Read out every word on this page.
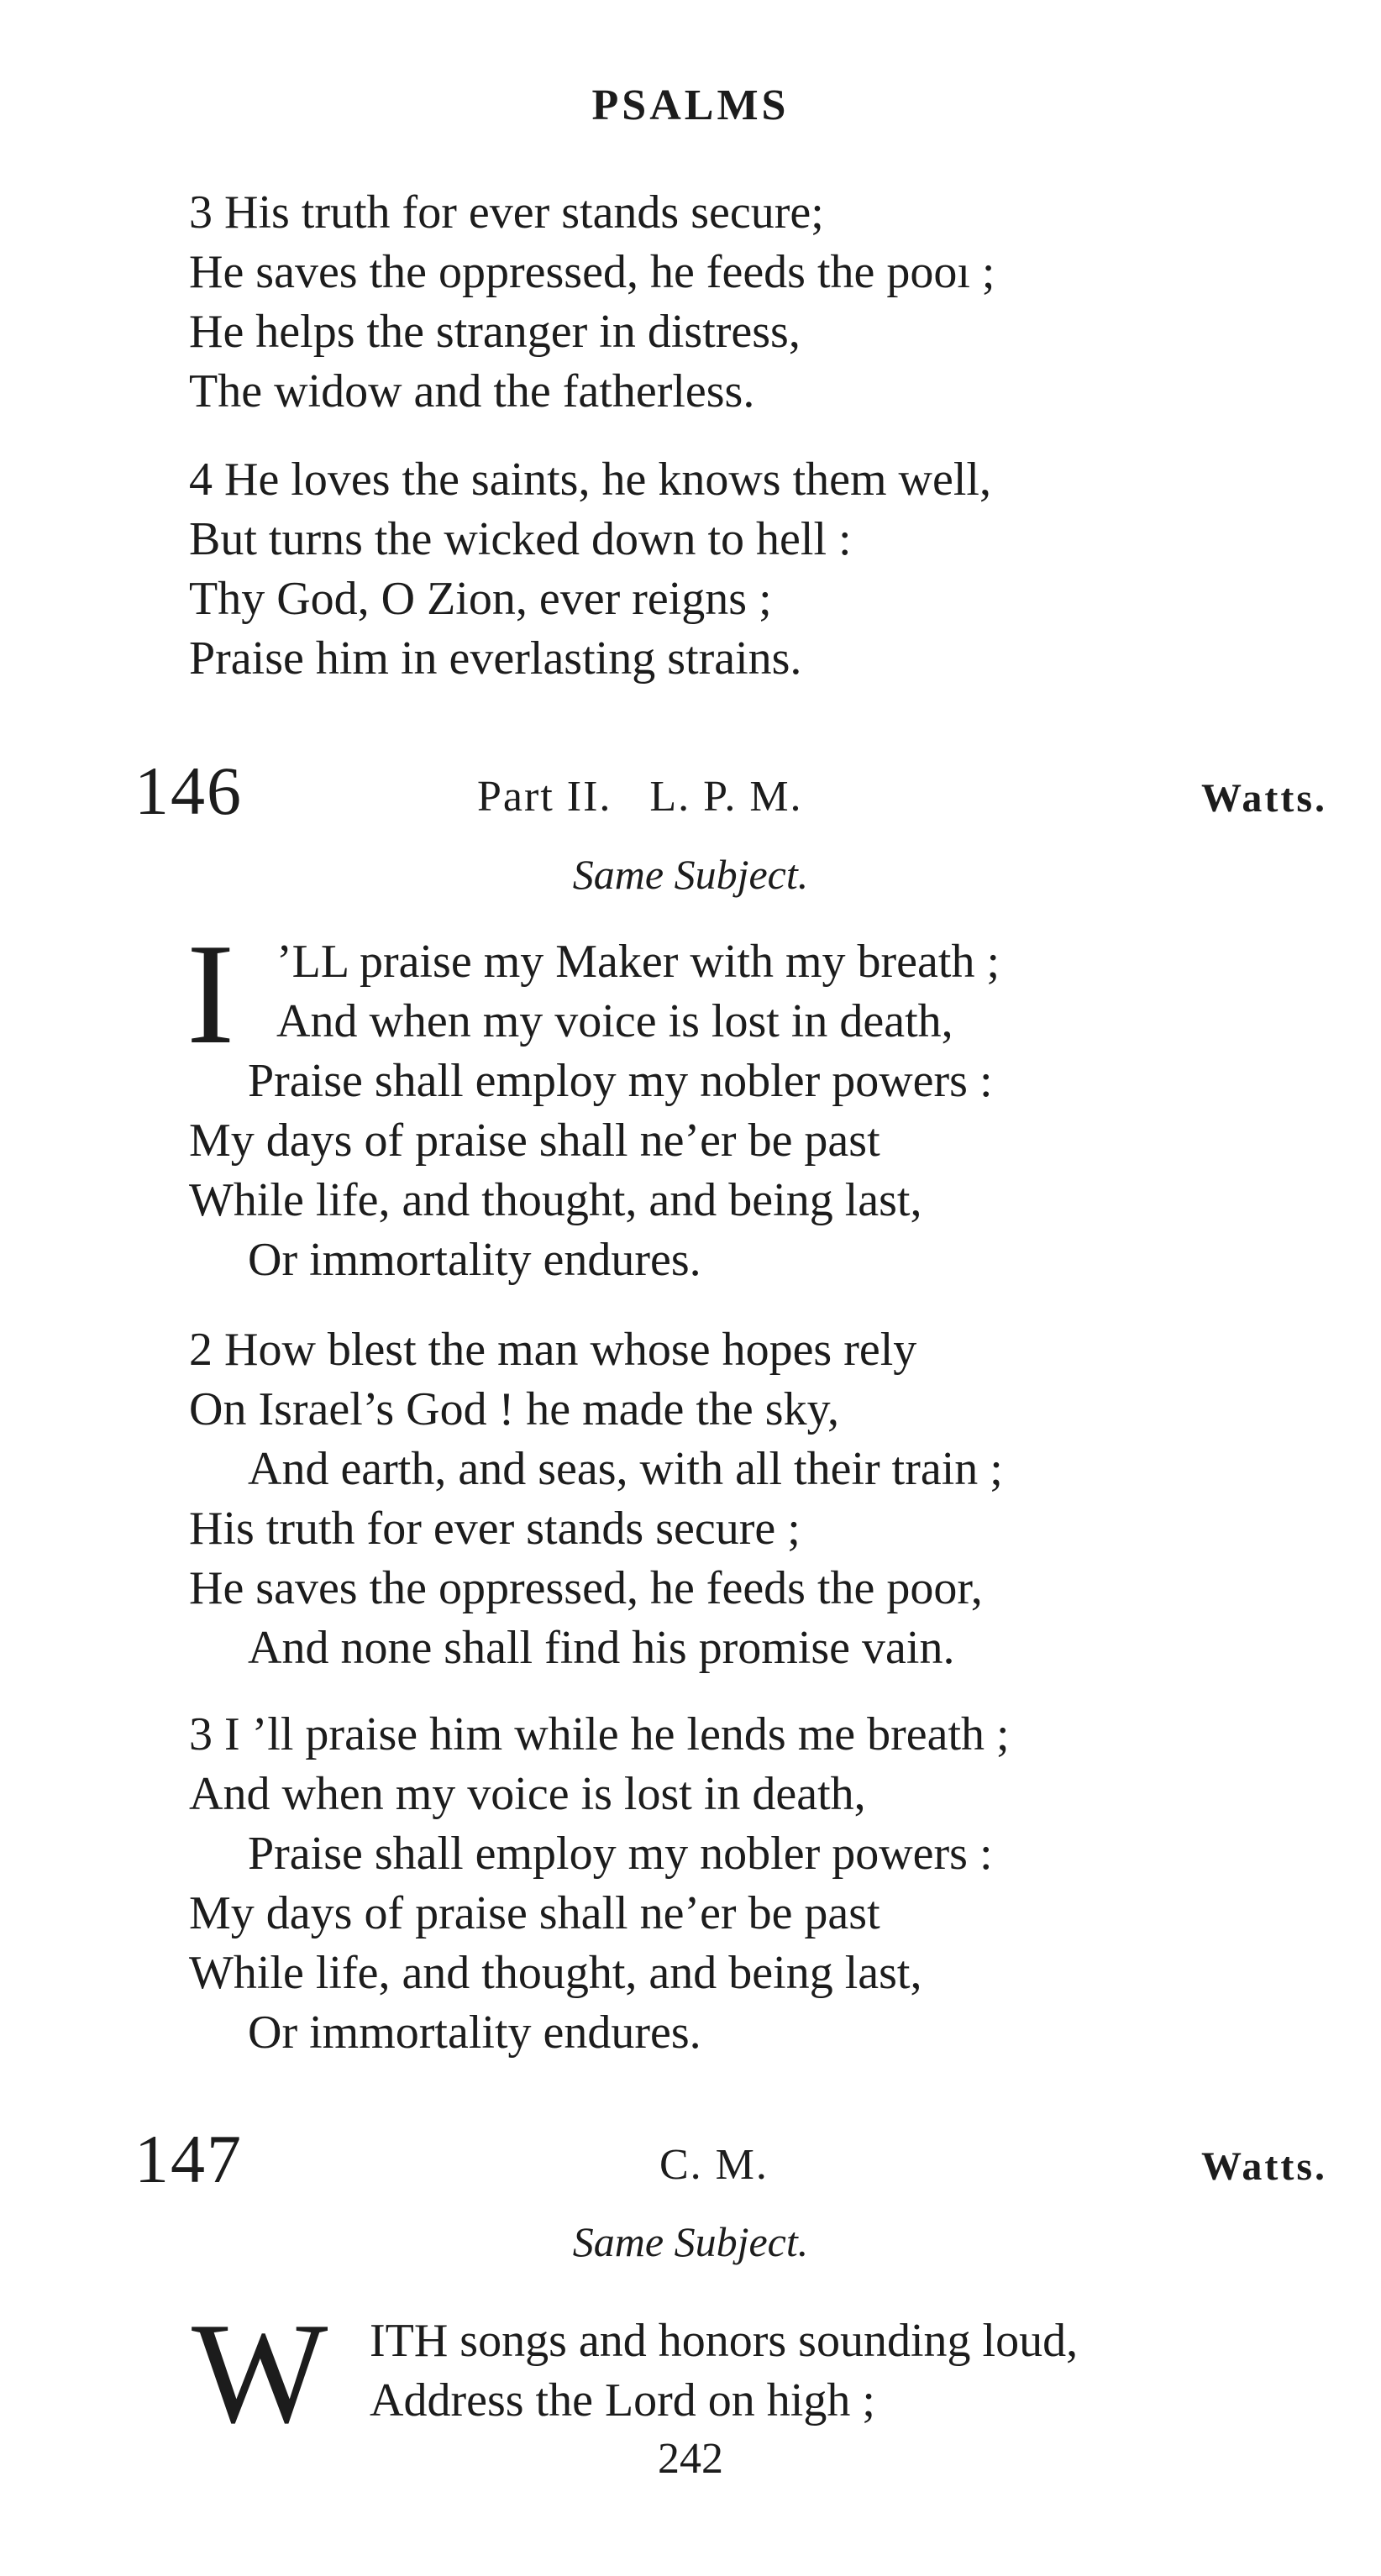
PSALMS
3 His truth for ever stands secure;
He saves the oppressed, he feeds the pooı ;
He helps the stranger in distress,
The widow and the fatherless.
4 He loves the saints, he knows them well,
But turns the wicked down to hell :
Thy God, O Zion, ever reigns ;
Praise him in everlasting strains.
146	Part II.   L. P. M.	Watts.
Same Subject.
I ’LL praise my Maker with my breath ;
And when my voice is lost in death,
Praise shall employ my nobler powers :
My days of praise shall ne’er be past
While life, and thought, and being last,
Or immortality endures.
2 How blest the man whose hopes rely
On Israel’s God ! he made the sky,
And earth, and seas, with all their train ;
His truth for ever stands secure ;
He saves the oppressed, he feeds the poor,
And none shall find his promise vain.
3 I ’ll praise him while he lends me breath ;
And when my voice is lost in death,
Praise shall employ my nobler powers :
My days of praise shall ne’er be past
While life, and thought, and being last,
Or immortality endures.
147	C. M.	Watts.
Same Subject.
W ITH songs and honors sounding loud,
Address the Lord on high ;
242
